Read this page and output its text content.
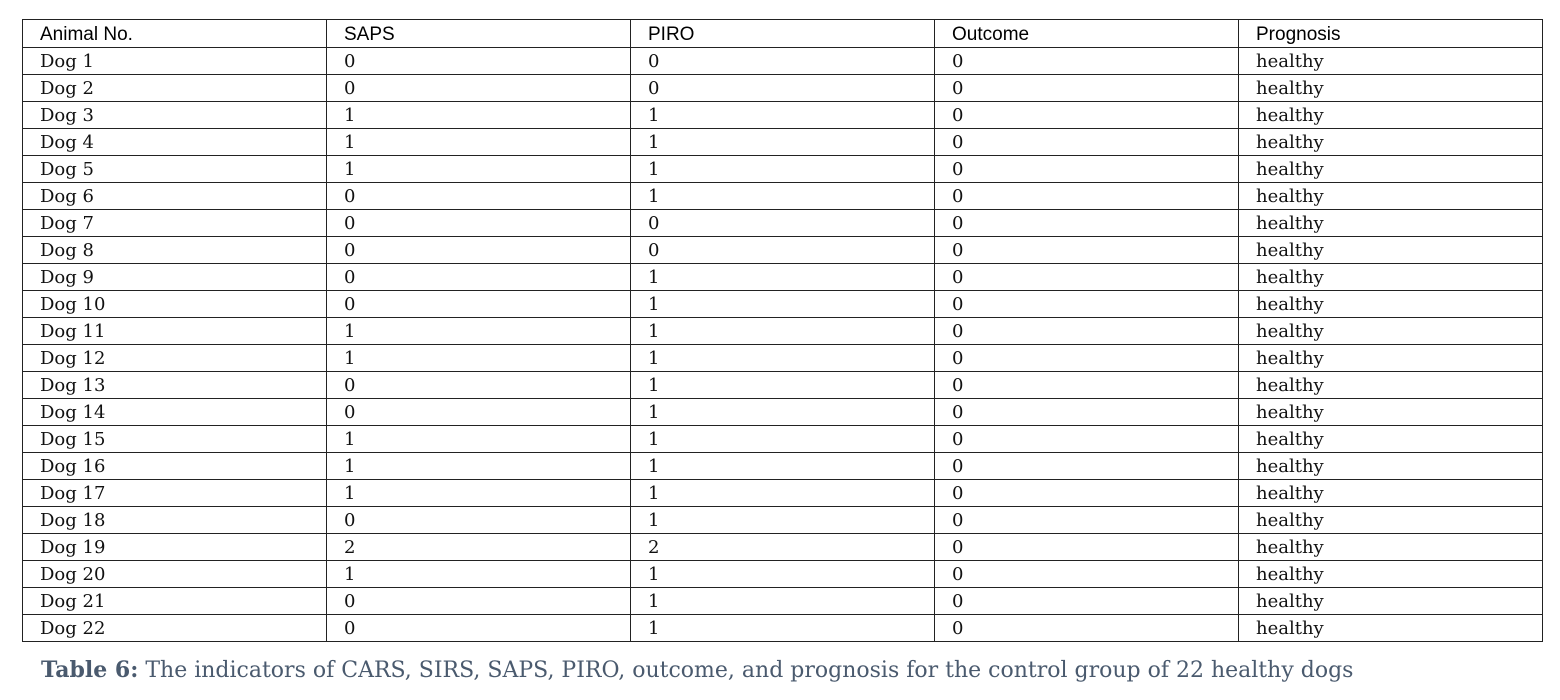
Animal No.	SAPS	PIRO	Outcome	Prognosis
Dog 1	0	0	0	healthy
Dog 2	0	0	0	healthy
Dog 3	1	1	0	healthy
Dog 4	1	1	0	healthy
Dog 5	1	1	0	healthy
Dog 6	0	1	0	healthy
Dog 7	0	0	0	healthy
Dog 8	0	0	0	healthy
Dog 9	0	1	0	healthy
Dog 10	0	1	0	healthy
Dog 11	1	1	0	healthy
Dog 12	1	1	0	healthy
Dog 13	0	1	0	healthy
Dog 14	0	1	0	healthy
Dog 15	1	1	0	healthy
Dog 16	1	1	0	healthy
Dog 17	1	1	0	healthy
Dog 18	0	1	0	healthy
Dog 19	2	2	0	healthy
Dog 20	1	1	0	healthy
Dog 21	0	1	0	healthy
Dog 22	0	1	0	healthy
Table 6: The indicators of CARS, SIRS, SAPS, PIRO, outcome, and prognosis for the control group of 22 healthy dogs
